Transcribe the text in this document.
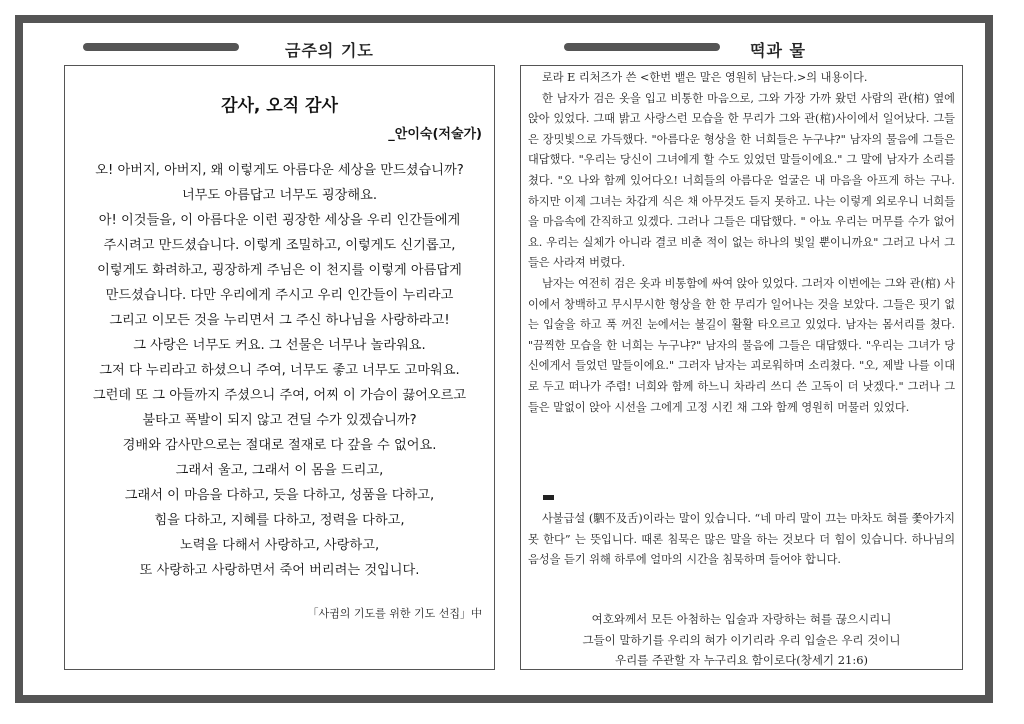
금주의 기도	떡과 물
감사, 오직 감사
_안이숙(저술가)
오! 아버지, 아버지, 왜 이렇게도 아름다운 세상을 만드셨습니까?
너무도 아름답고 너무도 굉장해요.
아! 이것들을, 이 아름다운 이런 굉장한 세상을 우리 인간들에게
주시려고 만드셨습니다. 이렇게 조밀하고, 이렇게도 신기롭고,
이렇게도 화려하고, 굉장하게 주님은 이 천지를 이렇게 아름답게
만드셨습니다. 다만 우리에게 주시고 우리 인간들이 누리라고
그리고 이모든 것을 누리면서 그 주신 하나님을 사랑하라고!
그 사랑은 너무도 커요. 그 선물은 너무나 놀라워요.
그저 다 누리라고 하셨으니 주여, 너무도 좋고 너무도 고마워요.
그런데 또 그 아들까지 주셨으니 주여, 어찌 이 가슴이 끓어오르고
불타고 폭발이 되지 않고 견딜 수가 있겠습니까?
경배와 감사만으로는 절대로 절재로 다 갚을 수 없어요.
그래서 울고, 그래서 이 몸을 드리고,
그래서 이 마음을 다하고, 듯을 다하고, 성품을 다하고,
힘을 다하고, 지혜를 다하고, 정력을 다하고,
노력을 다해서 사랑하고, 사랑하고,
또 사랑하고 사랑하면서 죽어 버리려는 것입니다.
「사귐의 기도를 위한 기도 선집」中

로라 E 리처즈가 쓴 <한번 뱉은 말은 영원히 남는다.>의 내용이다.

한 남자가 검은 옷을 입고 비통한 마음으로, 그와 가장 가까 왔던 사람의 관(棺) 옆에 앉아 있었다. 그때 밝고 사랑스런 모습을 한 무리가 그와 관(棺)사이에서 일어났다. 그들은 장밋빛으로 가득했다. "아름다운 형상을 한 너희들은 누구냐?" 남자의 물음에 그들은 대답했다. "우리는 당신이 그녀에게 할 수도 있었던 말들이에요." 그 말에 남자가 소리를 쳤다. "오 나와 함께 있어다오! 너희들의 아름다운 얼굴은 내 마음을 아프게 하는 구나. 하지만 이제 그녀는 차갑게 식은 채 아무것도 듣지 못하고. 나는 이렇게 외로우니 너희들을 마음속에 간직하고 있겠다. 그러나 그들은 대답했다. " 아뇨 우리는 머무를 수가 없어요. 우리는 실체가 아니라 결코 비춘 적이 없는 하나의 빛일 뿐이니까요" 그러고 나서 그들은 사라져 버렸다.

남자는 여전히 검은 옷과 비통함에 싸여 앉아 있었다. 그러자 이번에는 그와 관(棺) 사이에서 창백하고 무시무시한 형상을 한 한 무리가 일어나는 것을 보았다. 그들은 핏기 없는 입술을 하고 푹 꺼진 눈에서는 불길이 활활 타오르고 있었다. 남자는 몸서리를 쳤다. "끔찍한 모습을 한 너희는 누구냐?" 남자의 물음에 그들은 대답했다. "우리는 그녀가 당신에게서 들었던 말들이에요." 그러자 남자는 괴로워하며 소리쳤다. "오, 제발 나를 이대로 두고 떠나가 주렴! 너희와 함께 하느니 차라리 쓰디 쓴 고독이 더 낫겠다." 그러나 그들은 말없이 앉아 시선을 그에게 고정 시킨 채 그와 함께 영원히 머물러 있었다.

사불급설 (駟不及舌)이라는 말이 있습니다. “네 마리 말이 끄는 마차도 혀를 쫓아가지 못 한다” 는 뜻입니다. 때론 침묵은 많은 말을 하는 것보다 더 힘이 있습니다. 하나님의 음성을 듣기 위해 하루에 얼마의 시간을 침묵하며 들어야 합니다.
여호와께서 모든 아첨하는 입술과 자랑하는 혀를 끊으시리니
그들이 말하기를 우리의 혀가 이기리라 우리 입술은 우리 것이니
우리를 주관할 자 누구리요 함이로다(창세기 21:6)
